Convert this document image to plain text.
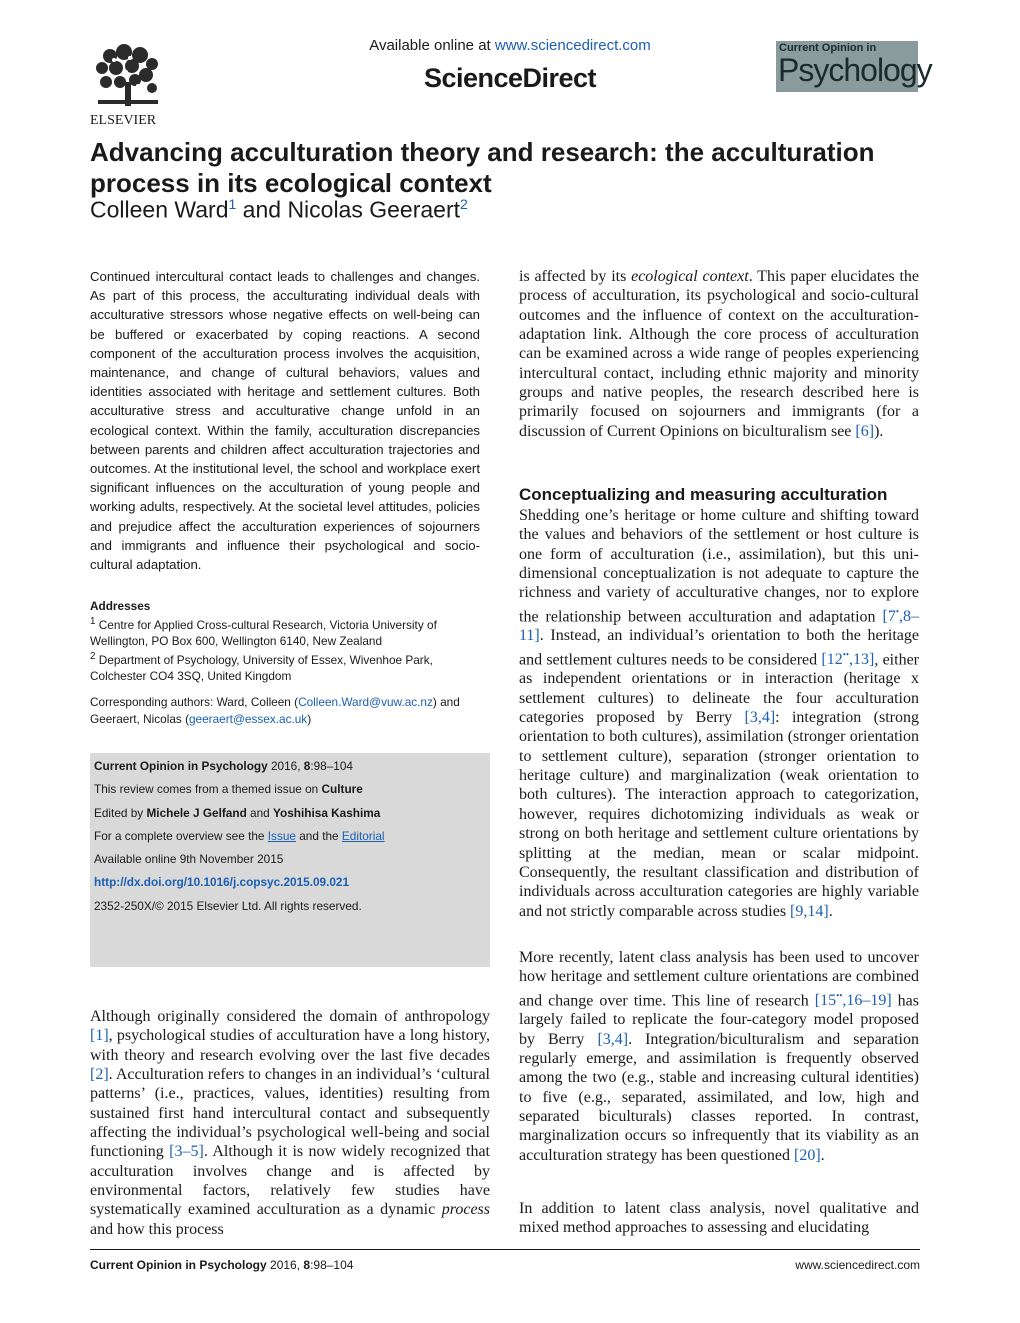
ELSEVIER
Available online at www.sciencedirect.com
ScienceDirect
Current Opinion in
Psychology
Advancing acculturation theory and research: the acculturation process in its ecological context
Colleen Ward$^1$ and Nicolas Geeraert$^2$

Continued intercultural contact leads to challenges and changes. As part of this process, the acculturating individual deals with acculturative stressors whose negative effects on well-being can be buffered or exacerbated by coping reactions. A second component of the acculturation process involves the acquisition, maintenance, and change of cultural behaviors, values and identities associated with heritage and settlement cultures. Both acculturative stress and acculturative change unfold in an ecological context. Within the family, acculturation discrepancies between parents and children affect acculturation trajectories and outcomes. At the institutional level, the school and workplace exert significant influences on the acculturation of young people and working adults, respectively. At the societal level attitudes, policies and prejudice affect the acculturation experiences of sojourners and immigrants and influence their psychological and socio-cultural adaptation.

Addresses

$^1$ Centre for Applied Cross-cultural Research, Victoria University of Wellington, PO Box 600, Wellington 6140, New Zealand

$^2$ Department of Psychology, University of Essex, Wivenhoe Park, Colchester CO4 3SQ, United Kingdom

Corresponding authors: Ward, Colleen (Colleen.Ward@vuw.ac.nz) and Geeraert, Nicolas (geeraert@essex.ac.uk)

Current Opinion in Psychology 2016, 8:98–104

This review comes from a themed issue on Culture

Edited by Michele J Gelfand and Yoshihisa Kashima

For a complete overview see the Issue and the Editorial

Available online 9th November 2015

http://dx.doi.org/10.1016/j.copsyc.2015.09.021

2352-250X/© 2015 Elsevier Ltd. All rights reserved.

Although originally considered the domain of anthropology [1], psychological studies of acculturation have a long history, with theory and research evolving over the last five decades [2]. Acculturation refers to changes in an individual’s ‘cultural patterns’ (i.e., practices, values, identities) resulting from sustained first hand intercultural contact and subsequently affecting the individual’s psychological well-being and social functioning [3–5]. Although it is now widely recognized that acculturation involves change and is affected by environmental factors, relatively few studies have systematically examined acculturation as a dynamic process and how this process

is affected by its ecological context. This paper elucidates the process of acculturation, its psychological and socio-cultural outcomes and the influence of context on the acculturation-adaptation link. Although the core process of acculturation can be examined across a wide range of peoples experiencing intercultural contact, including ethnic majority and minority groups and native peoples, the research described here is primarily focused on sojourners and immigrants (for a discussion of Current Opinions on biculturalism see [6]).

Conceptualizing and measuring acculturation

Shedding one’s heritage or home culture and shifting toward the values and behaviors of the settlement or host culture is one form of acculturation (i.e., assimilation), but this uni-dimensional conceptualization is not adequate to capture the richness and variety of acculturative changes, nor to explore the relationship between acculturation and adaptation [7•,8–11]. Instead, an individual’s orientation to both the heritage and settlement cultures needs to be considered [12••,13], either as independent orientations or in interaction (heritage x settlement cultures) to delineate the four acculturation categories proposed by Berry [3,4]: integration (strong orientation to both cultures), assimilation (stronger orientation to settlement culture), separation (stronger orientation to heritage culture) and marginalization (weak orientation to both cultures). The interaction approach to categorization, however, requires dichotomizing individuals as weak or strong on both heritage and settlement culture orientations by splitting at the median, mean or scalar midpoint. Consequently, the resultant classification and distribution of individuals across acculturation categories are highly variable and not strictly comparable across studies [9,14].

More recently, latent class analysis has been used to uncover how heritage and settlement culture orientations are combined and change over time. This line of research [15••,16–19] has largely failed to replicate the four-category model proposed by Berry [3,4]. Integration/biculturalism and separation regularly emerge, and assimilation is frequently observed among the two (e.g., stable and increasing cultural identities) to five (e.g., separated, assimilated, and low, high and separated biculturals) classes reported. In contrast, marginalization occurs so infrequently that its viability as an acculturation strategy has been questioned [20].

In addition to latent class analysis, novel qualitative and mixed method approaches to assessing and elucidating

Current Opinion in Psychology 2016, 8:98–104	www.sciencedirect.com
